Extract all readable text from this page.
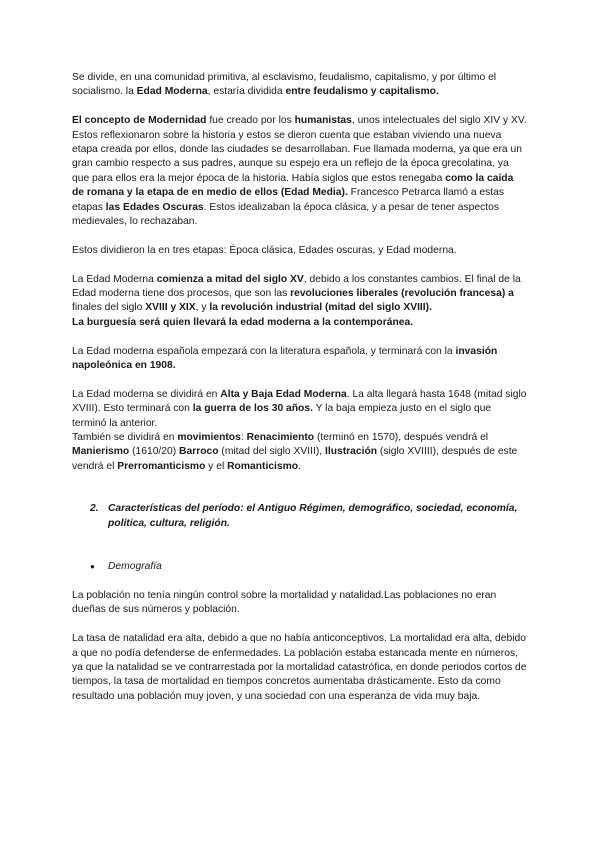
Se divide, en una comunidad primitiva, al esclavismo, feudalismo, capitalismo, y por último el socialismo. la Edad Moderna, estaría dividida entre feudalismo y capitalismo.

El concepto de Modernidad fue creado por los humanistas, unos intelectuales del siglo XIV y XV. Estos reflexionaron sobre la historia y estos se dieron cuenta que estaban viviendo una nueva etapa creada por ellos, donde las ciudades se desarrollaban. Fue llamada moderna, ya que era un gran cambio respecto a sus padres, aunque su espejo era un reflejo de la época grecolatina, ya que para ellos era la mejor época de la historia. Había siglos que estos renegaba como la caída de romana y la etapa de en medio de ellos (Edad Media). Francesco Petrarca llamó a estas etapas las Edades Oscuras. Estos idealizaban la época clásica, y a pesar de tener aspectos medievales, lo rechazaban.

Estos dividieron la en tres etapas: Época clásica, Edades oscuras, y Edad moderna.

La Edad Moderna comienza a mitad del siglo XV, debido a los constantes cambios. El final de la Edad moderna tiene dos procesos, que son las revoluciones liberales (revolución francesa) a finales del siglo XVIII y XIX, y la revolución industrial (mitad del siglo XVIII).
La burguesía será quien llevará la edad moderna a la contemporánea.

La Edad moderna española empezará con la literatura española, y terminará con la invasión napoleónica en 1908.

La Edad moderna se dividirá en Alta y Baja Edad Moderna. La alta llegará hasta 1648 (mitad siglo XVIII). Esto terminará con la guerra de los 30 años. Y la baja empieza justo en el siglo que terminó la anterior.
También se dividirá en movimientos: Renacimiento (terminó en 1570), después vendrá el Manierismo (1610/20) Barroco (mitad del siglo XVIII), Ilustración (siglo XVIIII), después de este vendrá el Prerromanticismo y el Romanticismo.

2. Características del período: el Antiguo Régimen, demográfico, sociedad, economía, política, cultura, religión.
●	Demografía

La población no tenía ningún control sobre la mortalidad y natalidad.Las poblaciones no eran dueñas de sus números y población.

La tasa de natalidad era alta, debido a que no había anticonceptivos. La mortalidad era alta, debido a que no podía defenderse de enfermedades. La población estaba estancada mente en números, ya que la natalidad se ve contrarrestada por la mortalidad catastrófica, en donde periodos cortos de tiempos, la tasa de mortalidad en tiempos concretos aumentaba drásticamente. Esto da como resultado una población muy joven, y una sociedad con una esperanza de vida muy baja.
